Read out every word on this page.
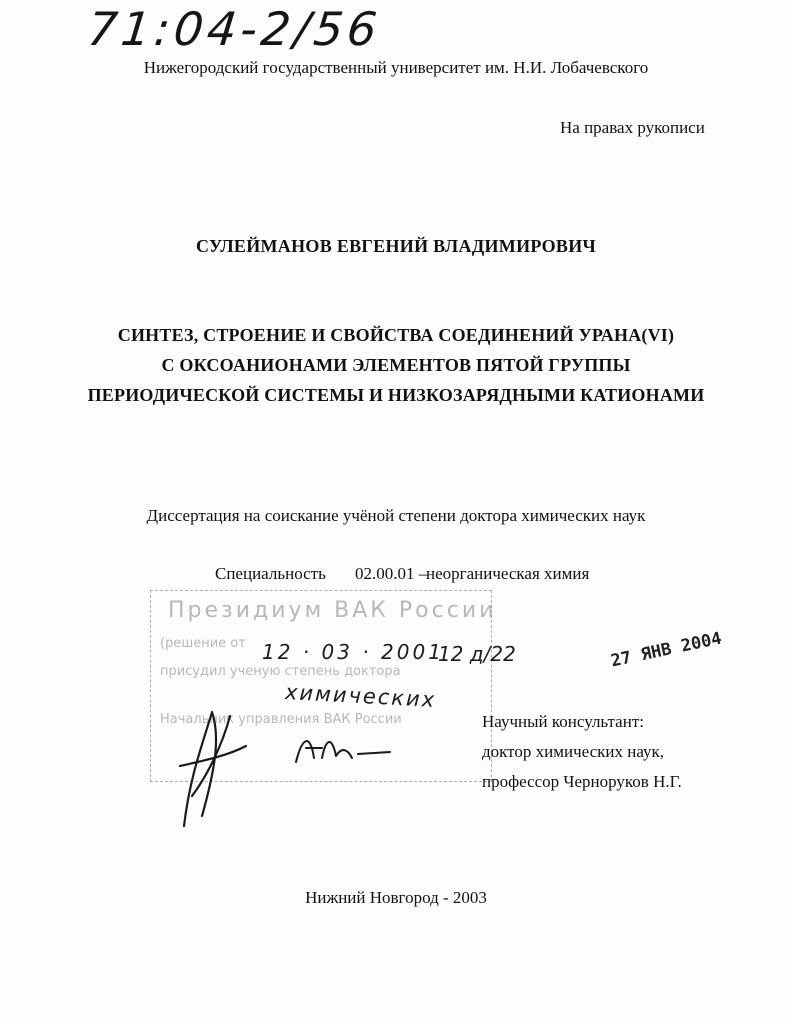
71:04-2/56
Нижегородский государственный университет им. Н.И. Лобачевского
На правах рукописи
СУЛЕЙМАНОВ ЕВГЕНИЙ ВЛАДИМИРОВИЧ
СИНТЕЗ, СТРОЕНИЕ И СВОЙСТВА СОЕДИНЕНИЙ УРАНА(VI)
С ОКСОАНИОНАМИ ЭЛЕМЕНТОВ ПЯТОЙ ГРУППЫ
ПЕРИОДИЧЕСКОЙ СИСТЕМЫ И НИЗКОЗАРЯДНЫМИ КАТИОНАМИ
Диссертация на соискание учёной степени доктора химических наук
Специальность 02.00.01 –
неорганическая химия
Президиум ВАК России
(решение от
присудил ученую степень доктора
Начальник управления ВАК России
12 · 03 · 2001
12 д/22
химических
27 ЯНВ 2004
Научный консультант:
доктор химических наук,
профессор Черноруков Н.Г.
Нижний Новгород - 2003
